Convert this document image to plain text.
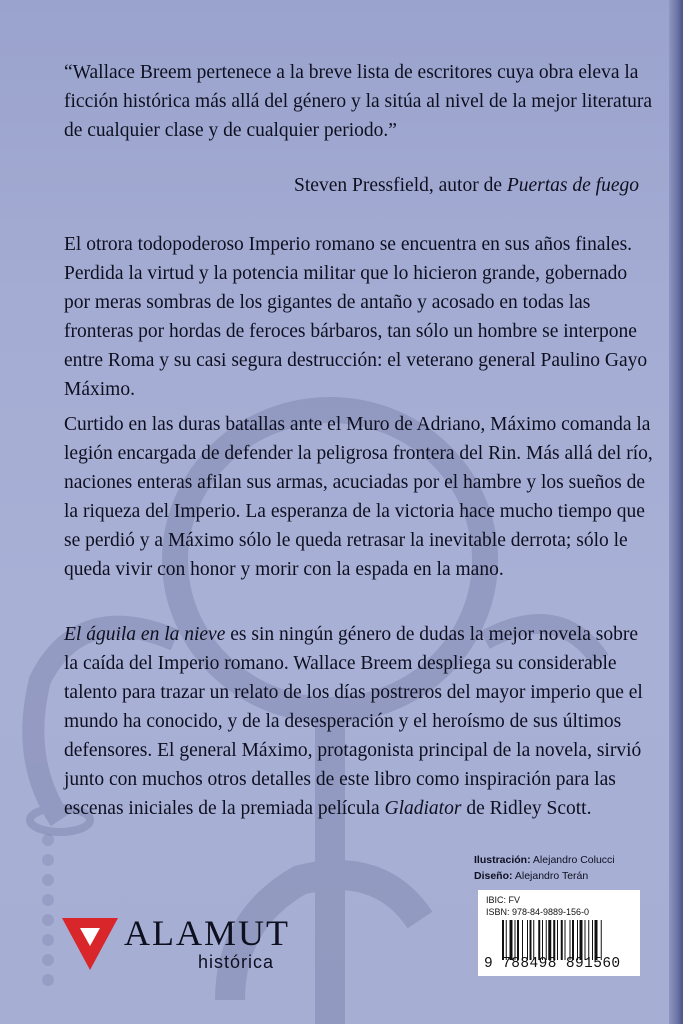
“Wallace Breem pertenece a la breve lista de escritores cuya obra eleva la ficción histórica más allá del género y la sitúa al nivel de la mejor literatura de cualquier clase y de cualquier periodo.”
Steven Pressfield, autor de Puertas de fuego

El otrora todopoderoso Imperio romano se encuentra en sus años finales. Perdida la virtud y la potencia militar que lo hicieron grande, gobernado por meras sombras de los gigantes de antaño y acosado en todas las fronteras por hordas de feroces bárbaros, tan sólo un hombre se interpone entre Roma y su casi segura destrucción: el veterano general Paulino Gayo Máximo.

Curtido en las duras batallas ante el Muro de Adriano, Máximo comanda la legión encargada de defender la peligrosa frontera del Rin. Más allá del río, naciones enteras afilan sus armas, acuciadas por el hambre y los sueños de la riqueza del Imperio. La esperanza de la victoria hace mucho tiempo que se perdió y a Máximo sólo le queda retrasar la inevitable derrota; sólo le queda vivir con honor y morir con la espada en la mano.

El águila en la nieve es sin ningún género de dudas la mejor novela sobre la caída del Imperio romano. Wallace Breem despliega su considerable talento para trazar un relato de los días postreros del mayor imperio que el mundo ha conocido, y de la desesperación y el heroísmo de sus últimos defensores. El general Máximo, protagonista principal de la novela, sirvió junto con muchos otros detalles de este libro como inspiración para las escenas iniciales de la premiada película Gladiator de Ridley Scott.

Ilustración: Alejandro Colucci
Diseño: Alejandro Terán
IBIC: FV
ISBN: 978-84-9889-156-0
9 788498 891560
ALAMUT
histórica
